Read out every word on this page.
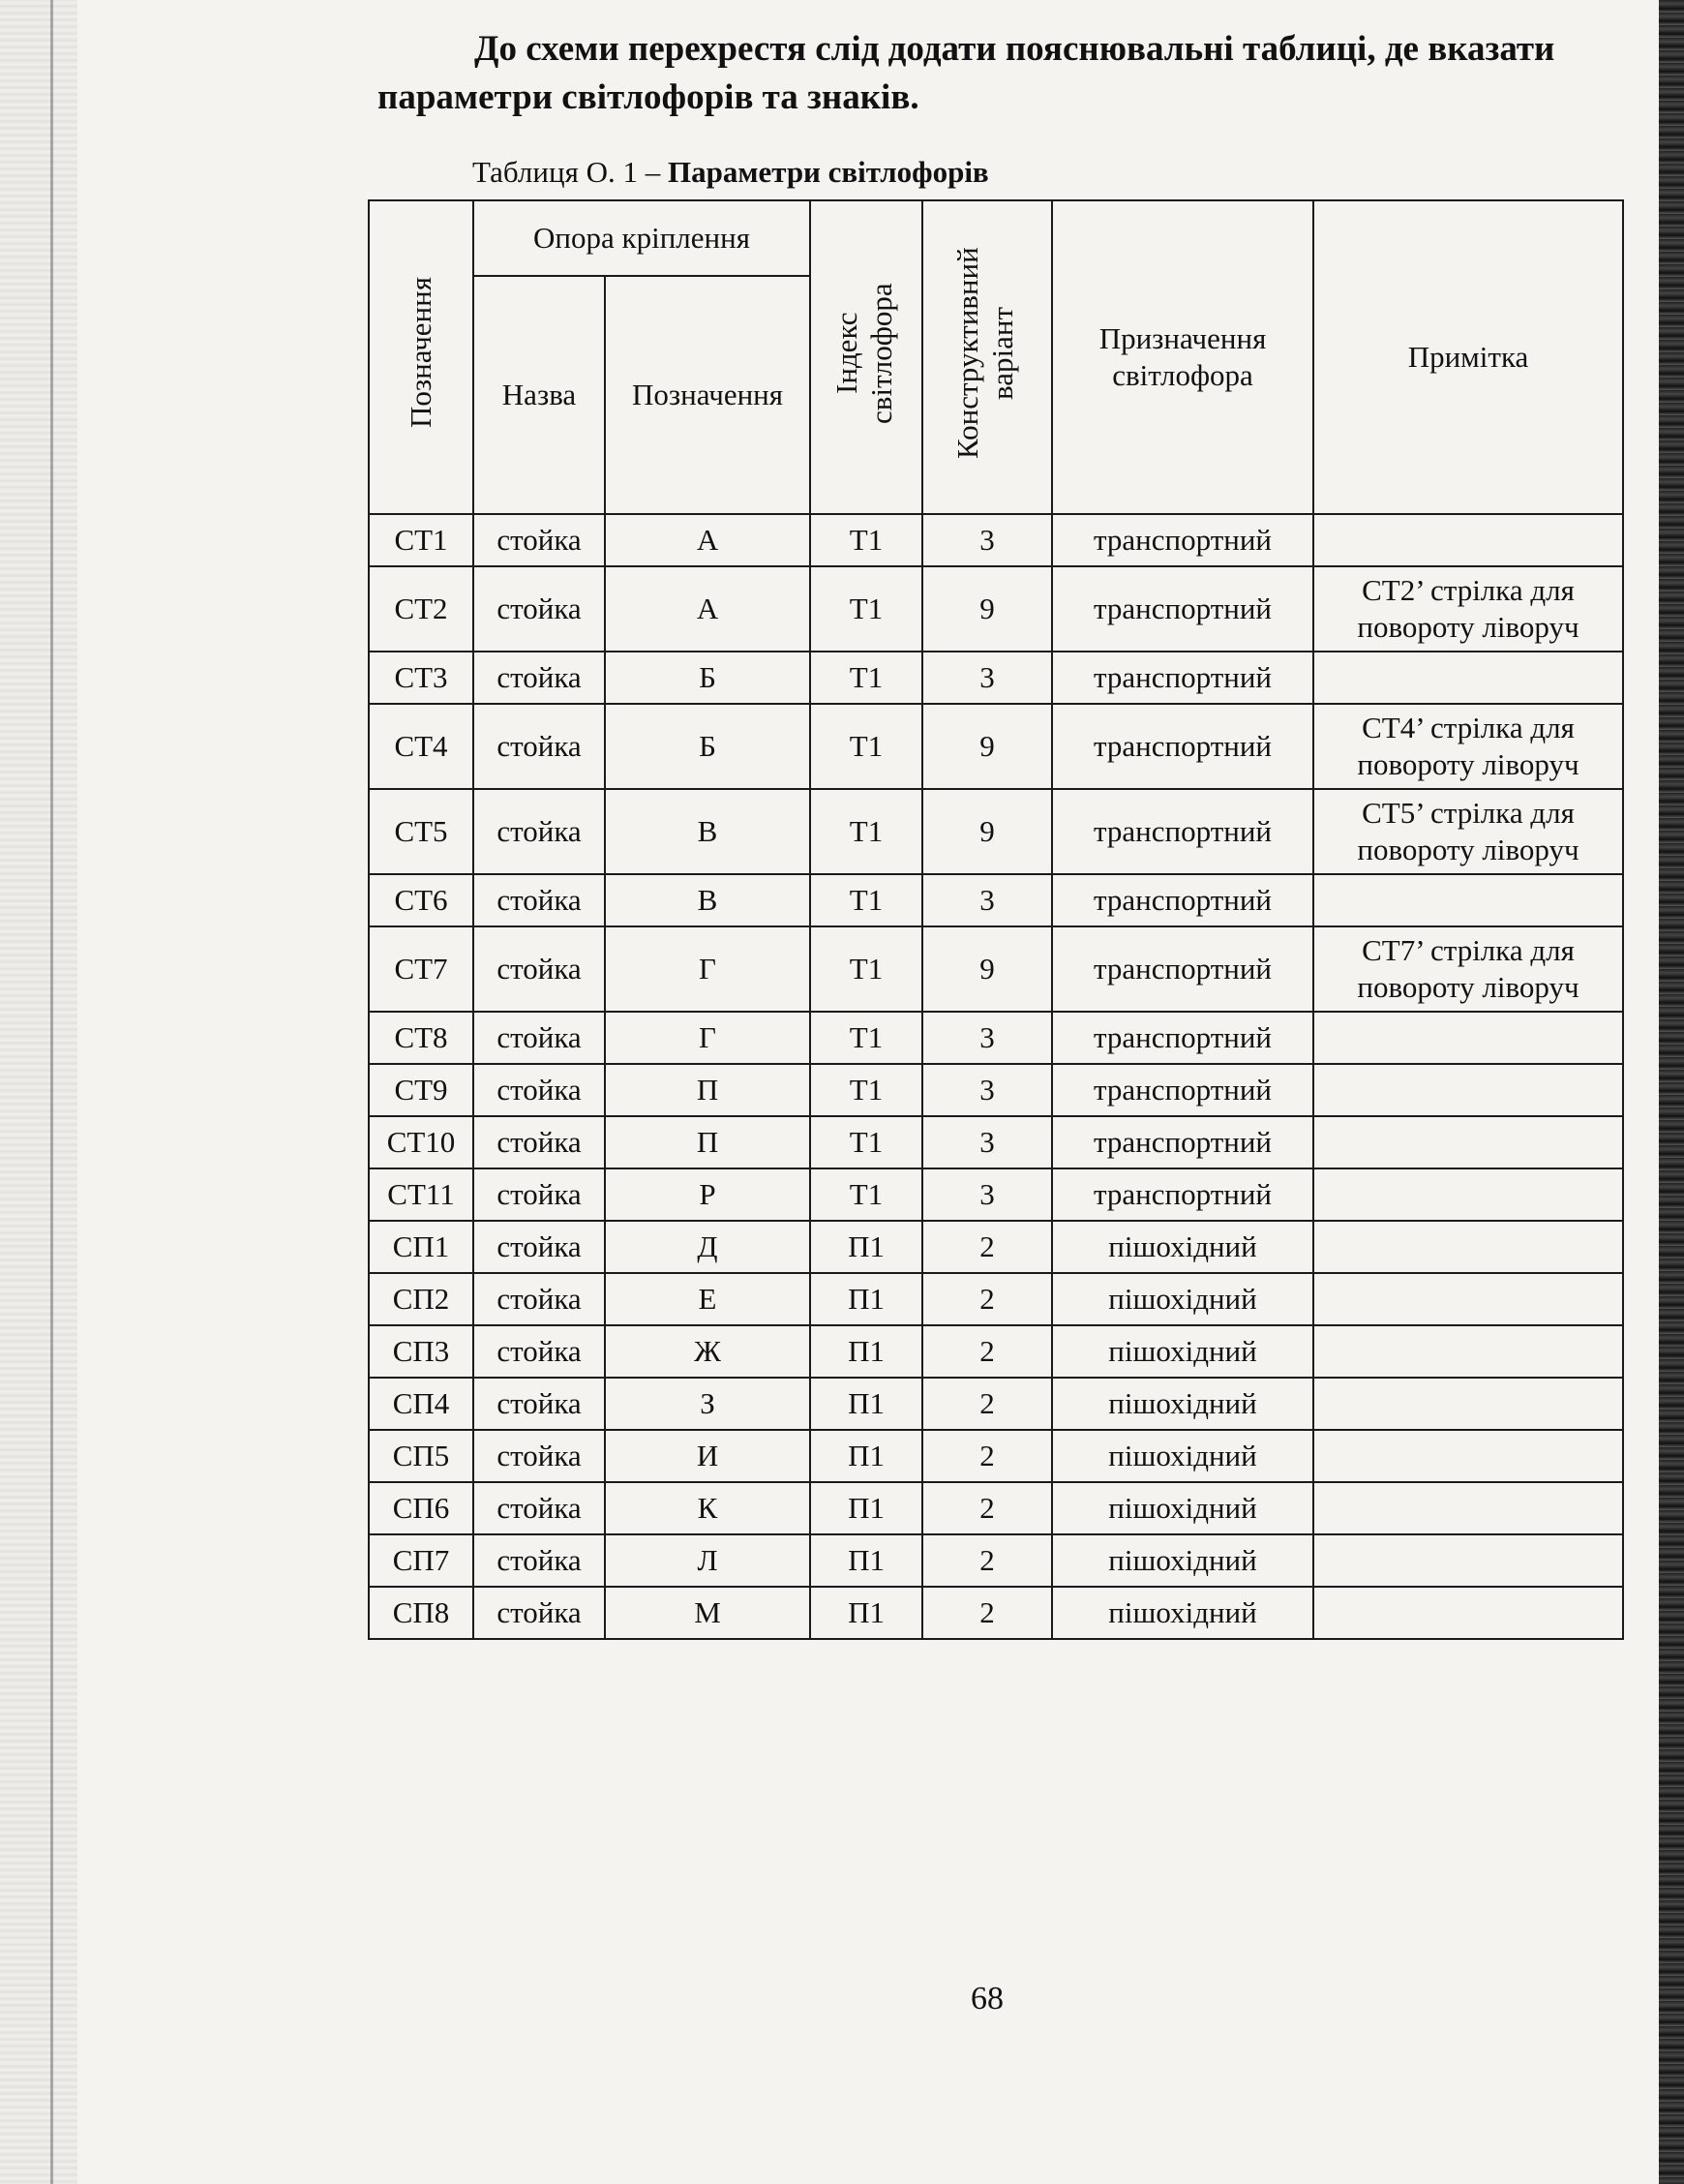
До схеми перехрестя слід додати пояснювальні таблиці, де вказати
параметри світлофорів та знаків.

Таблиця О. 1 – Параметри світлофорів

Позначення	Опора кріплення		Індекс світлофора	Конструктивний варіант	Призначення світлофора	Примітка
	Назва	Позначення				
СТ1	стойка	А	Т1	3	транспортний	
СТ2	стойка	А	Т1	9	транспортний	СТ2’ стрілка для повороту ліворуч
СТ3	стойка	Б	Т1	3	транспортний	
СТ4	стойка	Б	Т1	9	транспортний	СТ4’ стрілка для повороту ліворуч
СТ5	стойка	В	Т1	9	транспортний	СТ5’ стрілка для повороту ліворуч
СТ6	стойка	В	Т1	3	транспортний	
СТ7	стойка	Г	Т1	9	транспортний	СТ7’ стрілка для повороту ліворуч
СТ8	стойка	Г	Т1	3	транспортний	
СТ9	стойка	П	Т1	3	транспортний	
СТ10	стойка	П	Т1	3	транспортний	
СТ11	стойка	Р	Т1	3	транспортний	
СП1	стойка	Д	П1	2	пішохідний	
СП2	стойка	Е	П1	2	пішохідний	
СП3	стойка	Ж	П1	2	пішохідний	
СП4	стойка	З	П1	2	пішохідний	
СП5	стойка	И	П1	2	пішохідний	
СП6	стойка	К	П1	2	пішохідний	
СП7	стойка	Л	П1	2	пішохідний	
СП8	стойка	М	П1	2	пішохідний	

68
